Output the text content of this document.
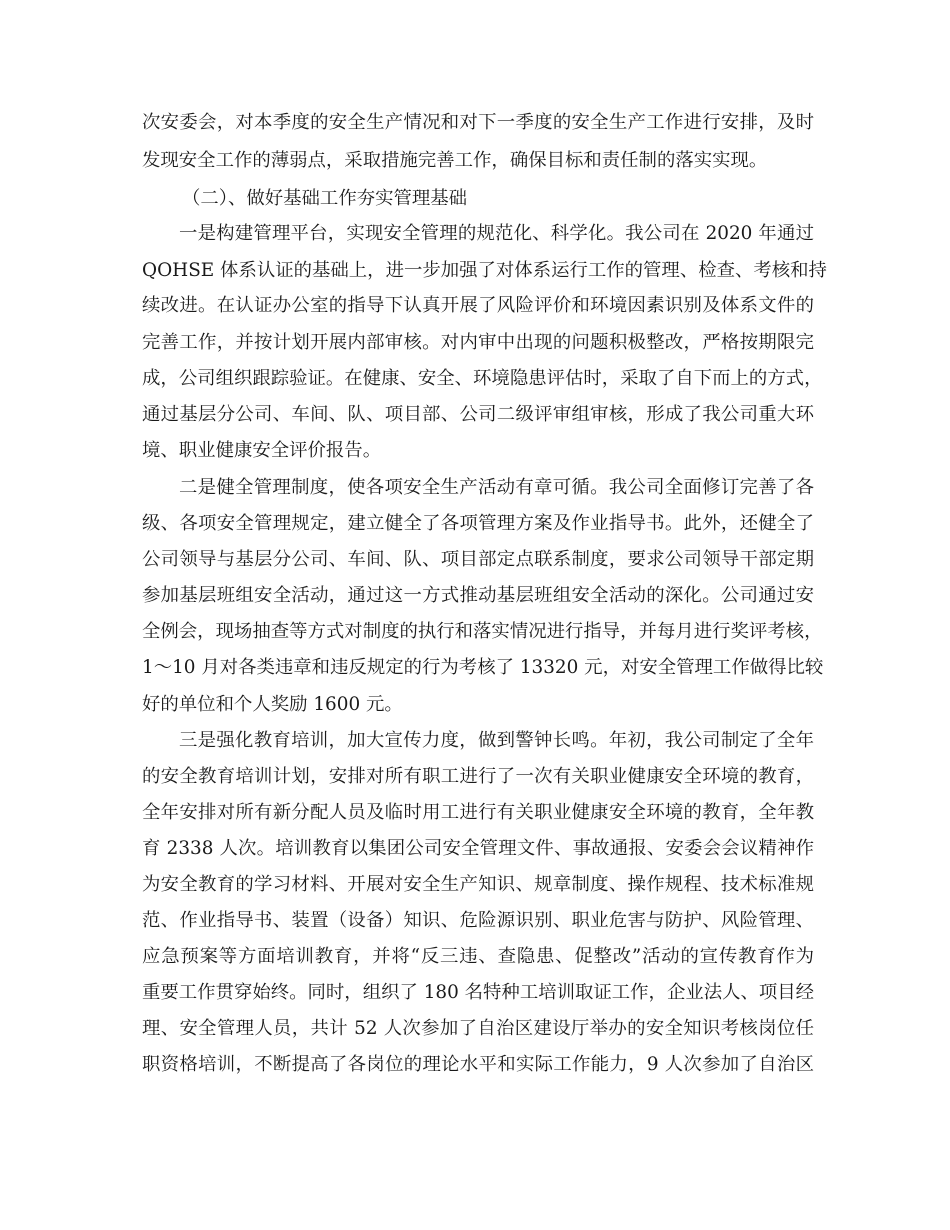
次安委会，对本季度的安全生产情况和对下一季度的安全生产工作进行安排，及时
发现安全工作的薄弱点，采取措施完善工作，确保目标和责任制的落实实现。
（二）、做好基础工作夯实管理基础
一是构建管理平台，实现安全管理的规范化、科学化。我公司在 2020 年通过
QOHSE 体系认证的基础上，进一步加强了对体系运行工作的管理、检查、考核和持
续改进。在认证办公室的指导下认真开展了风险评价和环境因素识别及体系文件的
完善工作，并按计划开展内部审核。对内审中出现的问题积极整改，严格按期限完
成，公司组织跟踪验证。在健康、安全、环境隐患评估时，采取了自下而上的方式，
通过基层分公司、车间、队、项目部、公司二级评审组审核，形成了我公司重大环
境、职业健康安全评价报告。
二是健全管理制度，使各项安全生产活动有章可循。我公司全面修订完善了各
级、各项安全管理规定，建立健全了各项管理方案及作业指导书。此外，还健全了
公司领导与基层分公司、车间、队、项目部定点联系制度，要求公司领导干部定期
参加基层班组安全活动，通过这一方式推动基层班组安全活动的深化。公司通过安
全例会，现场抽查等方式对制度的执行和落实情况进行指导，并每月进行奖评考核，
1～10 月对各类违章和违反规定的行为考核了 13320 元，对安全管理工作做得比较
好的单位和个人奖励 1600 元。
三是强化教育培训，加大宣传力度，做到警钟长鸣。年初，我公司制定了全年
的安全教育培训计划，安排对所有职工进行了一次有关职业健康安全环境的教育，
全年安排对所有新分配人员及临时用工进行有关职业健康安全环境的教育，全年教
育 2338 人次。培训教育以集团公司安全管理文件、事故通报、安委会会议精神作
为安全教育的学习材料、开展对安全生产知识、规章制度、操作规程、技术标准规
范、作业指导书、装置（设备）知识、危险源识别、职业危害与防护、风险管理、
应急预案等方面培训教育，并将“反三违、查隐患、促整改”活动的宣传教育作为
重要工作贯穿始终。同时，组织了 180 名特种工培训取证工作，企业法人、项目经
理、安全管理人员，共计 52 人次参加了自治区建设厅举办的安全知识考核岗位任
职资格培训，不断提高了各岗位的理论水平和实际工作能力，9 人次参加了自治区
